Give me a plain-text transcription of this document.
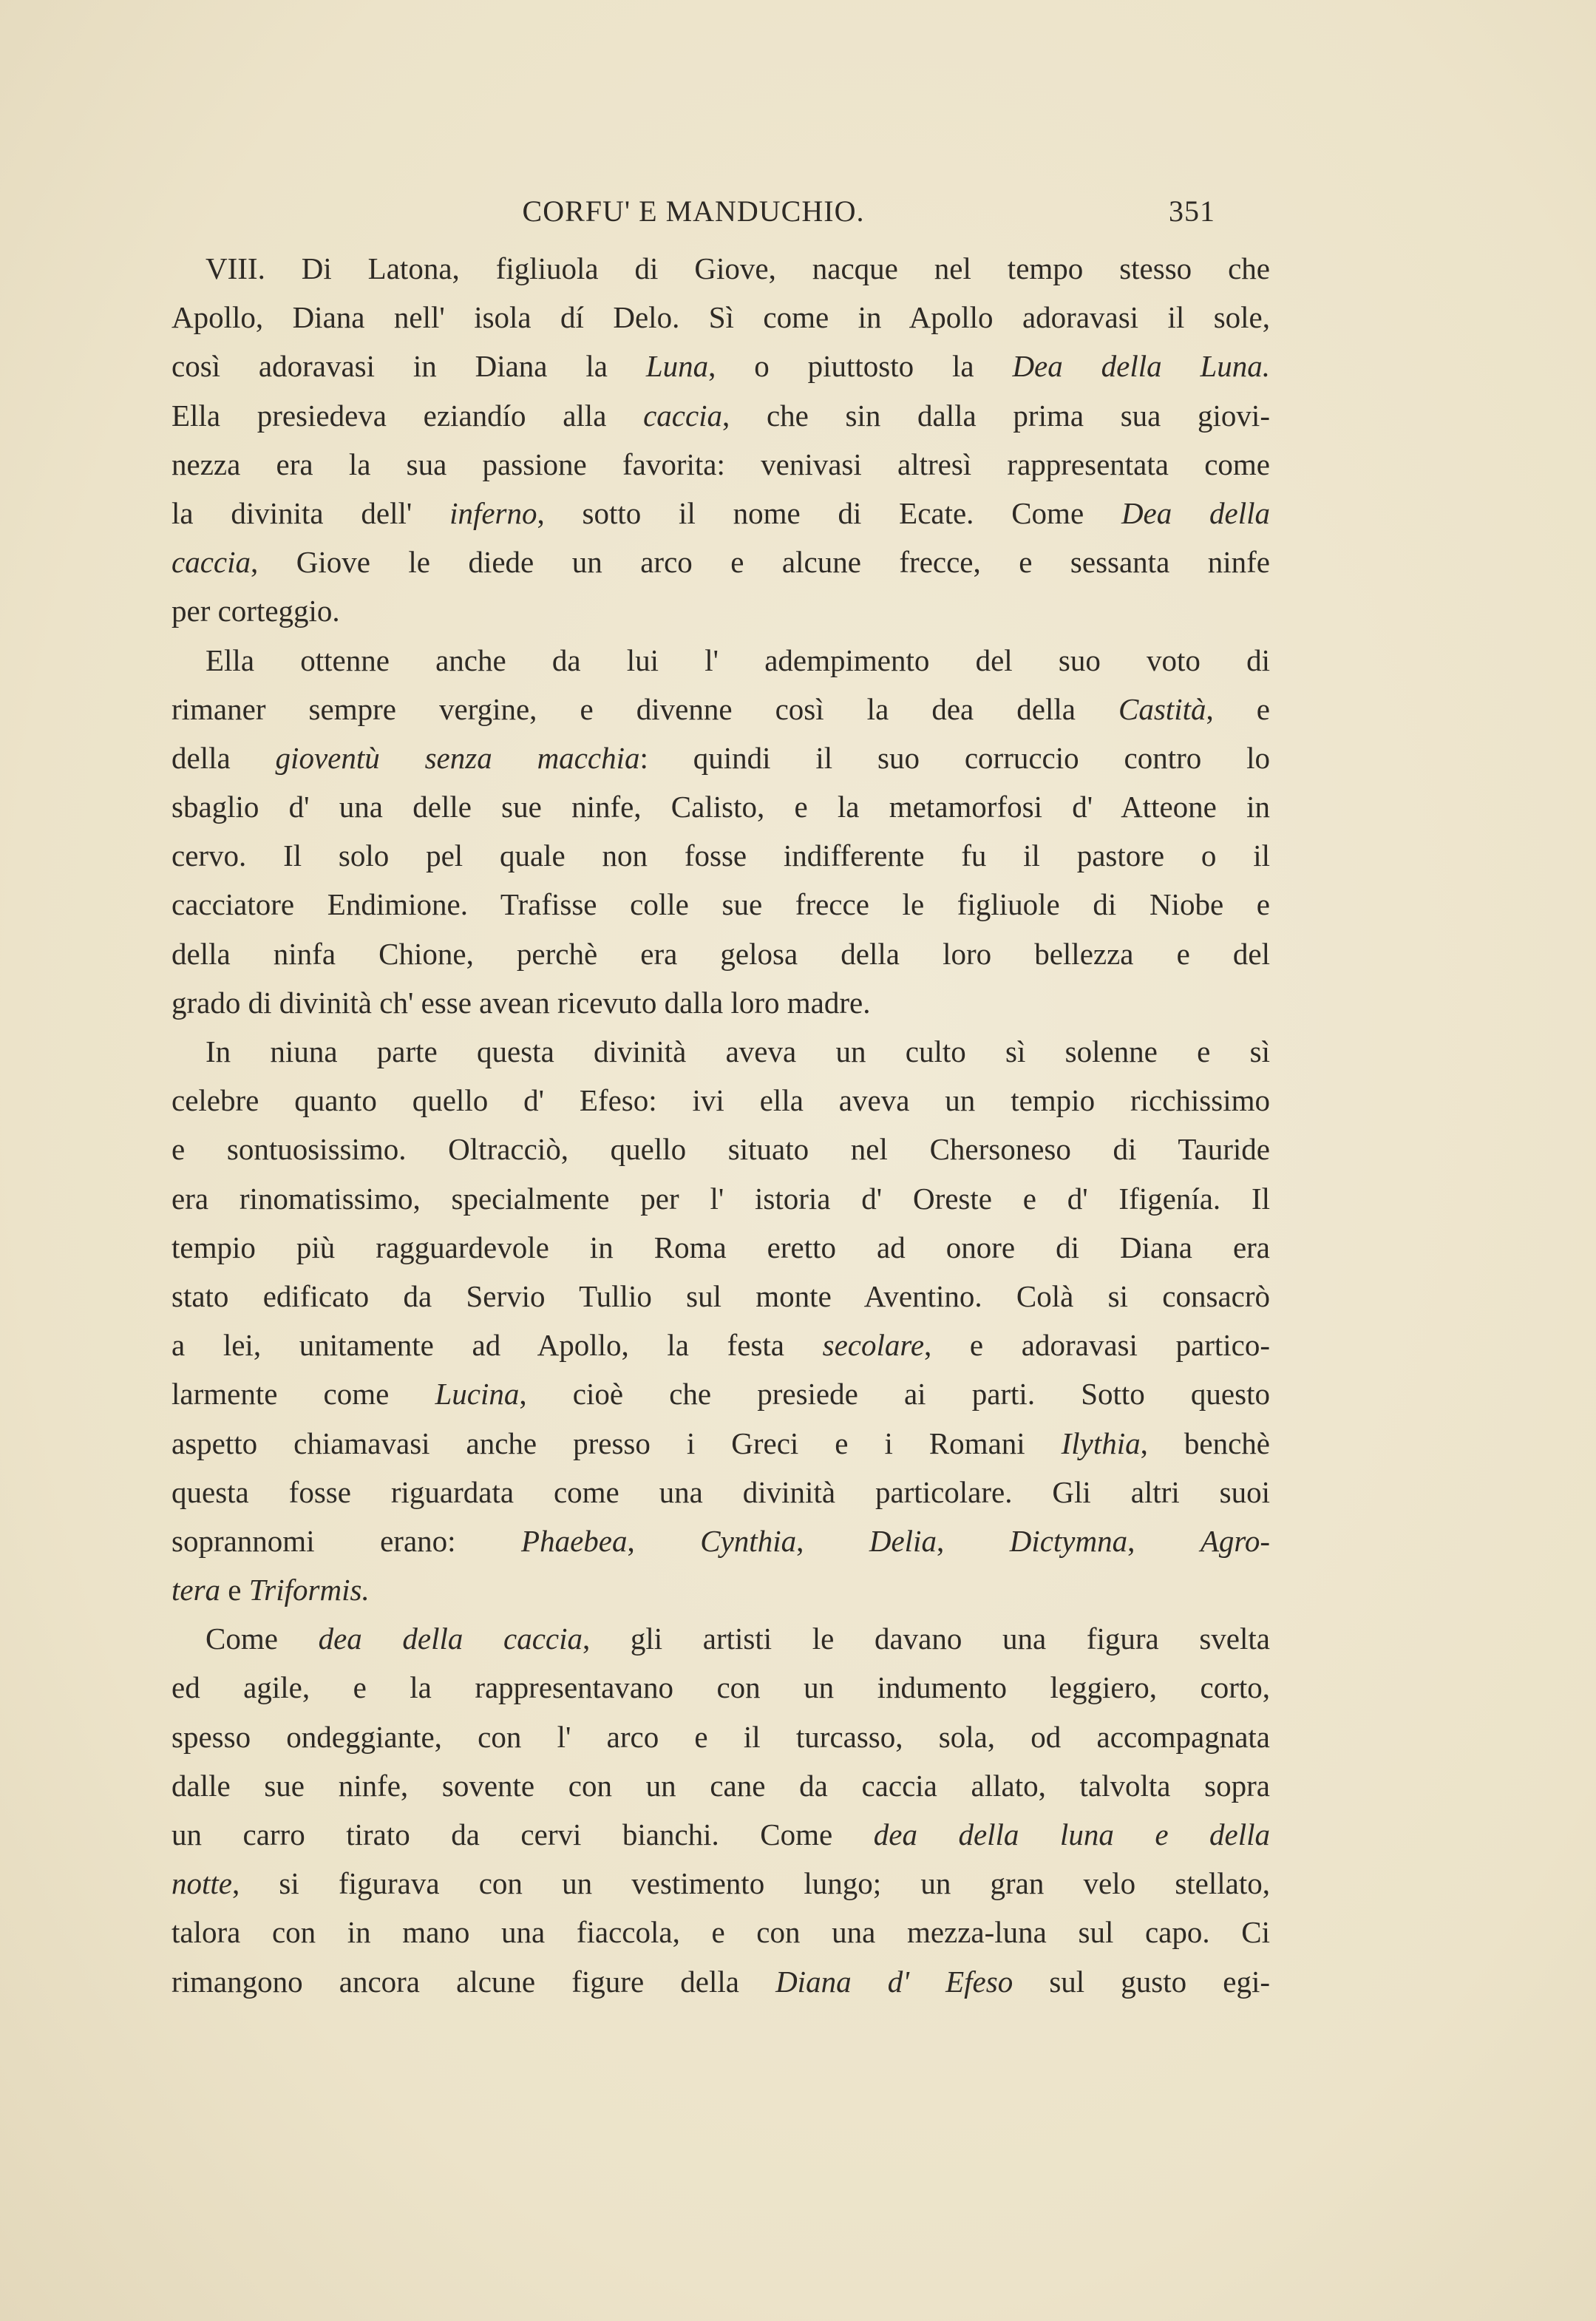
CORFU' E MANDUCHIO.	351
VIII. Di Latona, figliuola di Giove, nacque nel tempo stesso che
Apollo, Diana nell' isola dí Delo. Sì come in Apollo adoravasi il sole,
così adoravasi in Diana la Luna, o piuttosto la Dea della Luna.
Ella presiedeva eziandío alla caccia, che sin dalla prima sua giovi-
nezza era la sua passione favorita: venivasi altresì rappresentata come
la divinita dell' inferno, sotto il nome di Ecate. Come Dea della
caccia, Giove le diede un arco e alcune frecce, e sessanta ninfe
per corteggio.
Ella ottenne anche da lui l' adempimento del suo voto di
rimaner sempre vergine, e divenne così la dea della Castità, e
della gioventù senza macchia: quindi il suo corruccio contro lo
sbaglio d' una delle sue ninfe, Calisto, e la metamorfosi d' Atteone in
cervo. Il solo pel quale non fosse indifferente fu il pastore o il
cacciatore Endimione. Trafisse colle sue frecce le figliuole di Niobe e
della ninfa Chione, perchè era gelosa della loro bellezza e del
grado di divinità ch' esse avean ricevuto dalla loro madre.
In niuna parte questa divinità aveva un culto sì solenne e sì
celebre quanto quello d' Efeso: ivi ella aveva un tempio ricchissimo
e sontuosissimo. Oltracciò, quello situato nel Chersoneso di Tauride
era rinomatissimo, specialmente per l' istoria d' Oreste e d' Ifigenía. Il
tempio più ragguardevole in Roma eretto ad onore di Diana era
stato edificato da Servio Tullio sul monte Aventino. Colà si consacrò
a lei, unitamente ad Apollo, la festa secolare, e adoravasi partico-
larmente come Lucina, cioè che presiede ai parti. Sotto questo
aspetto chiamavasi anche presso i Greci e i Romani Ilythia, benchè
questa fosse riguardata come una divinità particolare. Gli altri suoi
soprannomi erano: Phaebea, Cynthia, Delia, Dictymna, Agro-
tera e Triformis.
Come dea della caccia, gli artisti le davano una figura svelta
ed agile, e la rappresentavano con un indumento leggiero, corto,
spesso ondeggiante, con l' arco e il turcasso, sola, od accompagnata
dalle sue ninfe, sovente con un cane da caccia allato, talvolta sopra
un carro tirato da cervi bianchi. Come dea della luna e della
notte, si figurava con un vestimento lungo; un gran velo stellato,
talora con in mano una fiaccola, e con una mezza-luna sul capo. Ci
rimangono ancora alcune figure della Diana d' Efeso sul gusto egi-
